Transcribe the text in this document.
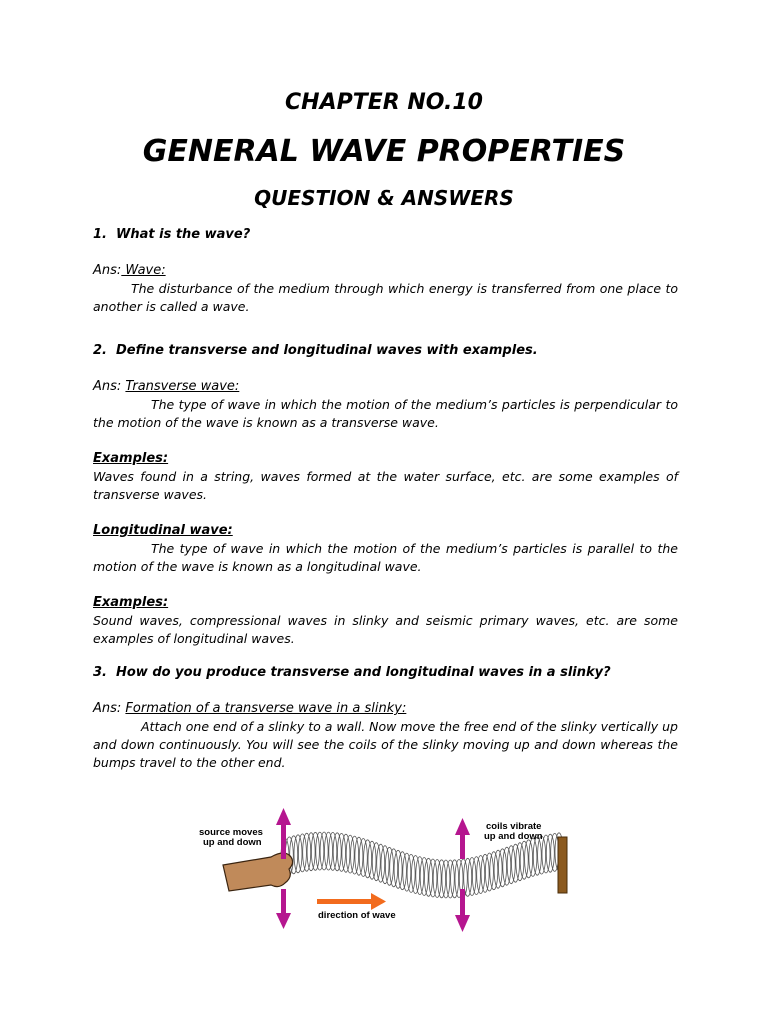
CHAPTER NO.10
GENERAL WAVE PROPERTIES
QUESTION & ANSWERS

1. What is the wave?

Ans: Wave:

The disturbance of the medium through which energy is transferred from one place to another is called a wave.

2. Define transverse and longitudinal waves with examples.

Ans: Transverse wave:

The type of wave in which the motion of the medium’s particles is perpendicular to the motion of the wave is known as a transverse wave.

Examples:

Waves found in a string, waves formed at the water surface, etc. are some examples of transverse waves.

Longitudinal wave:

The type of wave in which the motion of the medium’s particles is parallel to the motion of the wave is known as a longitudinal wave.

Examples:

Sound waves, compressional waves in slinky and seismic primary waves, etc. are some examples of longitudinal waves.

3. How do you produce transverse and longitudinal waves in a slinky?

Ans: Formation of a transverse wave in a slinky:

Attach one end of a slinky to a wall. Now move the free end of the slinky vertically up and down continuously. You will see the coils of the slinky moving up and down whereas the bumps travel to the other end.

source moves
up and down
coils vibrate
up and down
direction of wave
